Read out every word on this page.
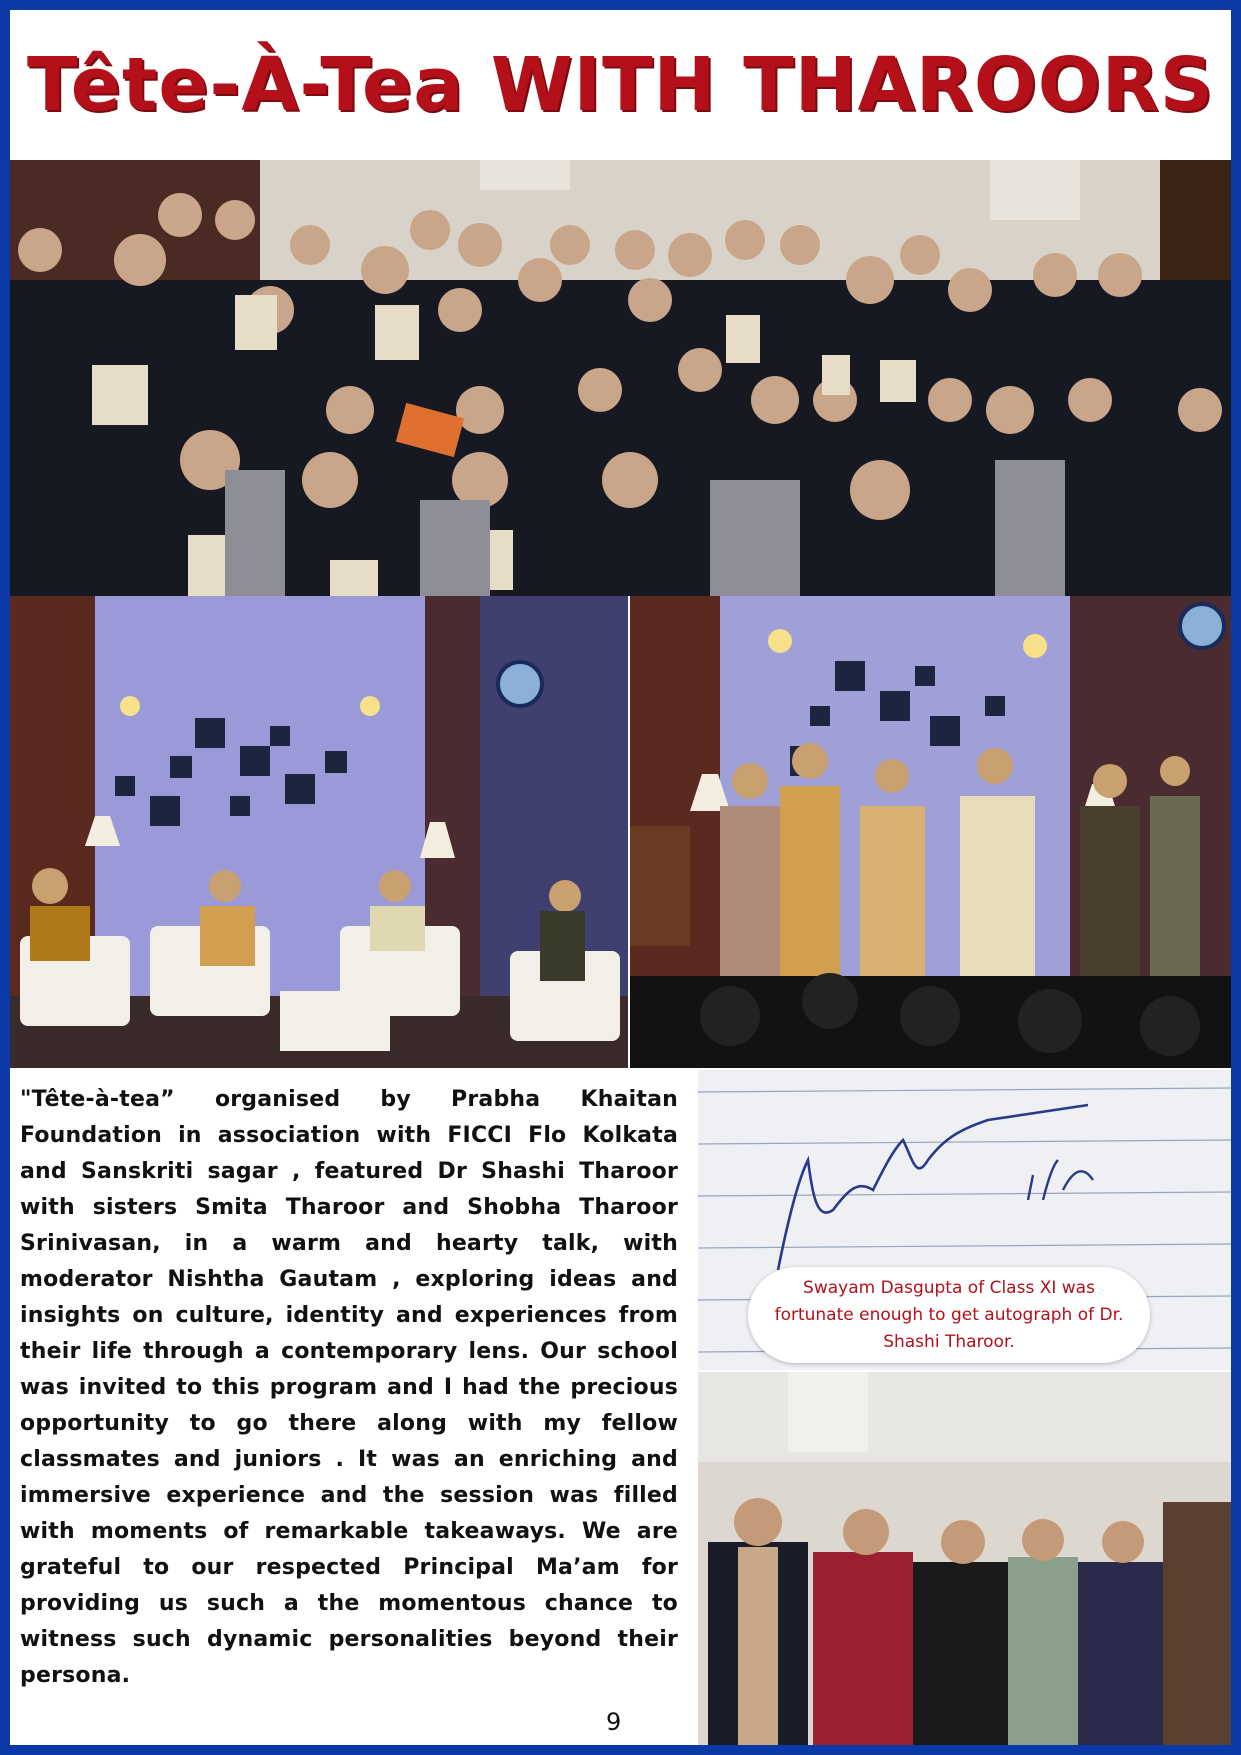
Tête-À-Tea WITH THAROORS
"Tête-à-tea” organised by Prabha Khaitan Foundation in association with FICCI Flo Kolkata and Sanskriti sagar , featured Dr Shashi Tharoor with sisters Smita Tharoor and Shobha Tharoor Srinivasan, in a warm and hearty talk, with moderator Nishtha Gautam , exploring ideas and insights on culture, identity and experiences from their life through a contemporary lens. Our school was invited to this program and I had the precious opportunity to go there along with my fellow classmates and juniors . It was an enriching and immersive experience and the session was filled with moments of remarkable takeaways. We are grateful to our respected Principal Ma’am for providing us such a the momentous chance to witness such dynamic personalities beyond their persona.
Swayam Dasgupta of Class XI was fortunate enough to get autograph of Dr. Shashi Tharoor.
9
